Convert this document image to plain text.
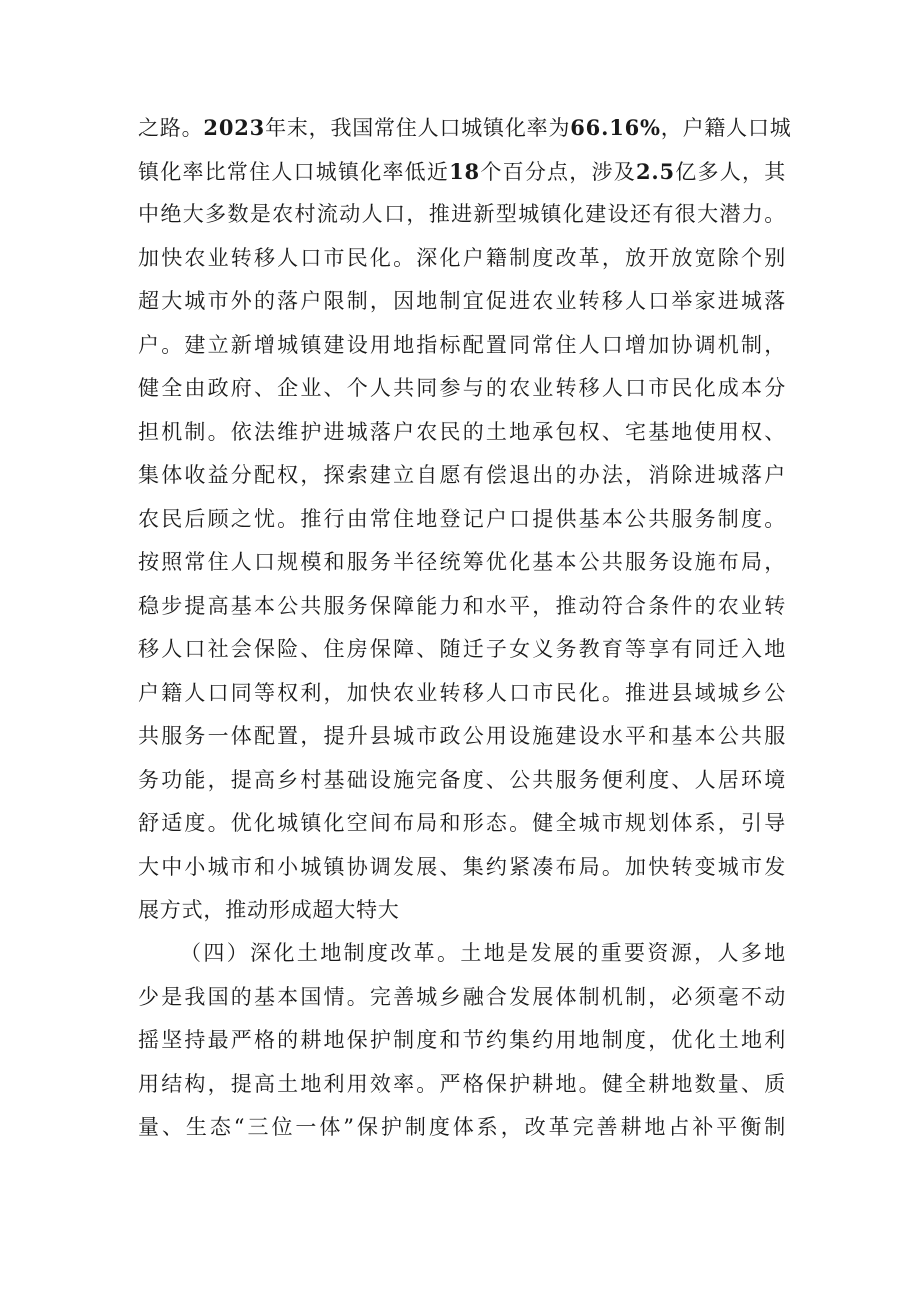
之路。2023年末，我国常住人口城镇化率为66.16%，户籍人口城
镇化率比常住人口城镇化率低近18个百分点，涉及2.5亿多人，其
中绝大多数是农村流动人口，推进新型城镇化建设还有很大潜力。
加快农业转移人口市民化。深化户籍制度改革，放开放宽除个别
超大城市外的落户限制，因地制宜促进农业转移人口举家进城落
户。建立新增城镇建设用地指标配置同常住人口增加协调机制，
健全由政府、企业、个人共同参与的农业转移人口市民化成本分
担机制。依法维护进城落户农民的土地承包权、宅基地使用权、
集体收益分配权，探索建立自愿有偿退出的办法，消除进城落户
农民后顾之忧。推行由常住地登记户口提供基本公共服务制度。
按照常住人口规模和服务半径统筹优化基本公共服务设施布局，
稳步提高基本公共服务保障能力和水平，推动符合条件的农业转
移人口社会保险、住房保障、随迁子女义务教育等享有同迁入地
户籍人口同等权利，加快农业转移人口市民化。推进县域城乡公
共服务一体配置，提升县城市政公用设施建设水平和基本公共服
务功能，提高乡村基础设施完备度、公共服务便利度、人居环境
舒适度。优化城镇化空间布局和形态。健全城市规划体系，引导
大中小城市和小城镇协调发展、集约紧凑布局。加快转变城市发
展方式，推动形成超大特大
（四）深化土地制度改革。土地是发展的重要资源，人多地
少是我国的基本国情。完善城乡融合发展体制机制，必须毫不动
摇坚持最严格的耕地保护制度和节约集约用地制度，优化土地利
用结构，提高土地利用效率。严格保护耕地。健全耕地数量、质
量、生态“三位一体”保护制度体系，改革完善耕地占补平衡制
